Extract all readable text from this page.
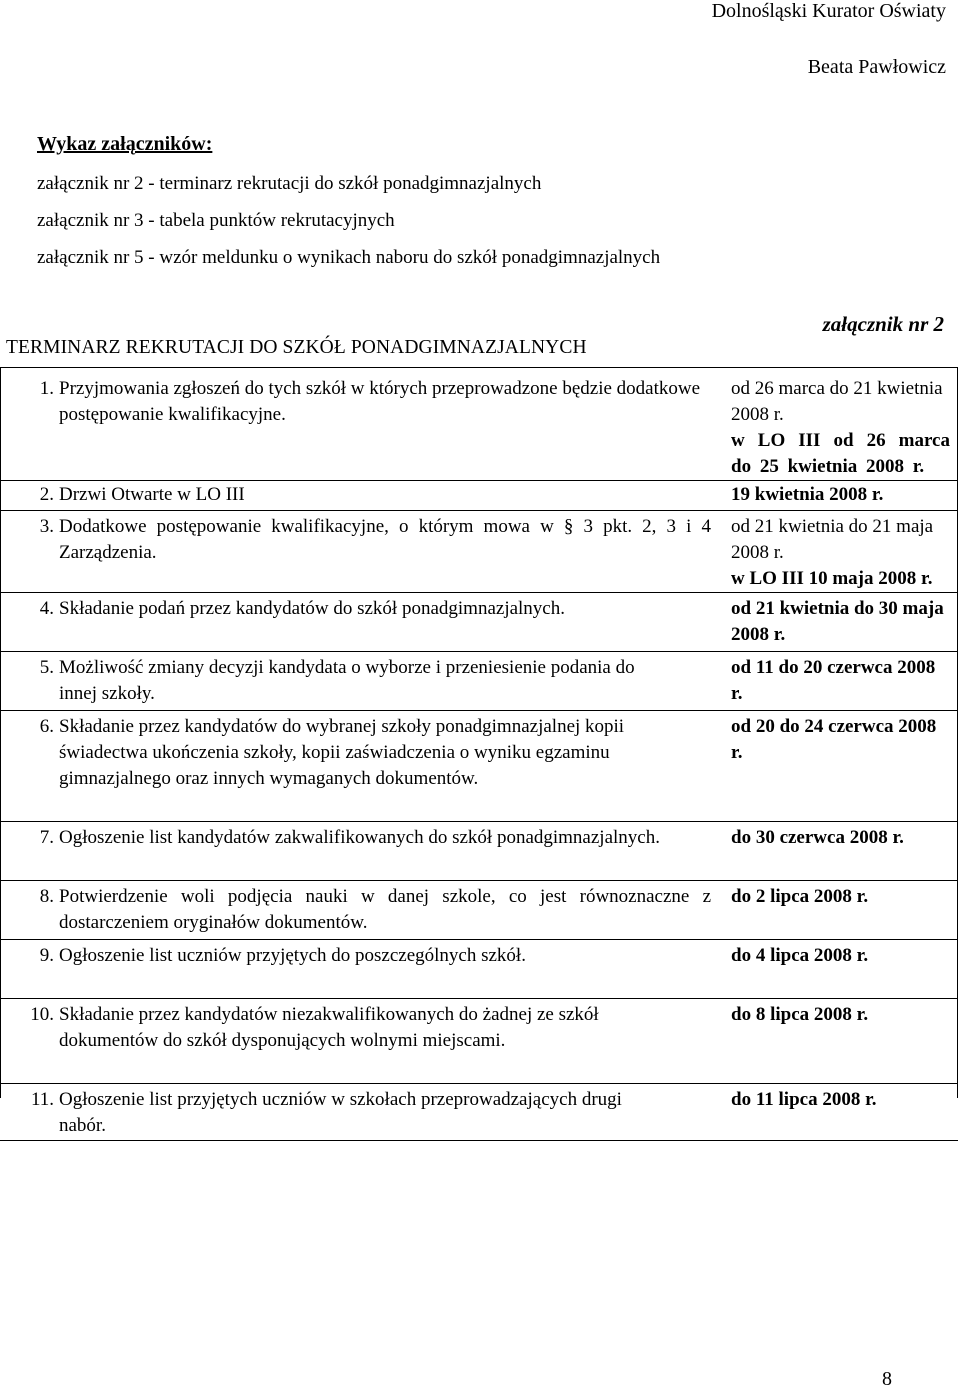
Dolnośląski Kurator Oświaty
Beata Pawłowicz
Wykaz załączników:
załącznik nr 2 - terminarz rekrutacji do szkół ponadgimnazjalnych
załącznik nr 3 - tabela punktów rekrutacyjnych
załącznik nr 5 - wzór meldunku o wynikach naboru do szkół ponadgimnazjalnych
załącznik nr 2
TERMINARZ REKRUTACJI DO SZKÓŁ PONADGIMNAZJALNYCH
1.	Przyjmowania zgłoszeń do tych szkół w których przeprowadzone będzie dodatkowe postępowanie kwalifikacyjne.	od 26 marca do 21 kwietnia 2008 r.
w LO III od 26 marca do 25 kwietnia 2008 r.

2.	Drzwi Otwarte w LO III	19 kwietnia 2008 r.
3.	Dodatkowe postępowanie kwalifikacyjne, o którym mowa w § 3 pkt. 2, 3 i 4 Zarządzenia.	od 21 kwietnia do 21 maja 2008 r.
w LO III 10 maja 2008 r.

4.	Składanie podań przez kandydatów do szkół ponadgimnazjalnych.	od 21 kwietnia do 30 maja 2008 r.
5.	Możliwość zmiany decyzji kandydata o wyborze i przeniesienie podania do innej szkoły.	od 11 do 20 czerwca 2008 r.
6.	Składanie przez kandydatów do wybranej szkoły ponadgimnazjalnej kopii świadectwa ukończenia szkoły, kopii zaświadczenia o wyniku egzaminu gimnazjalnego oraz innych wymaganych dokumentów.	od 20 do 24 czerwca 2008 r.
7.	Ogłoszenie list kandydatów zakwalifikowanych do szkół ponadgimnazjalnych.	do 30 czerwca 2008 r.
8.	Potwierdzenie woli podjęcia nauki w danej szkole, co jest równoznaczne z dostarczeniem oryginałów dokumentów.	do 2 lipca 2008 r.
9.	Ogłoszenie list uczniów przyjętych do poszczególnych szkół.	do 4 lipca 2008 r.
10.	Składanie przez kandydatów niezakwalifikowanych do żadnej ze szkół dokumentów do szkół dysponujących wolnymi miejscami.	do 8 lipca 2008 r.
11.	Ogłoszenie list przyjętych uczniów w szkołach przeprowadzających drugi nabór.	do 11 lipca 2008 r.
8
